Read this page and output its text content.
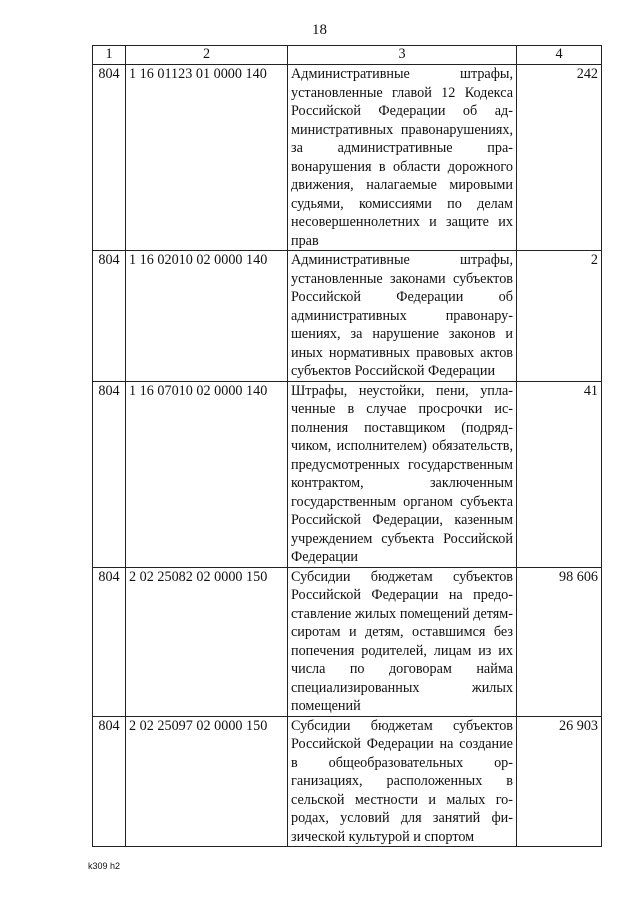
18
1	2	3	4
804	1 16 01123 01 0000 140	Административные штрафы, установленные главой 12 Кодекса Российской Федерации об административных правонарушениях, за административные правонарушения в области дорожного движения, налагаемые мировыми судьями, комиссиями по делам несовершеннолетних и защите их прав	242
804	1 16 02010 02 0000 140	Административные штрафы, установленные законами субъектов Российской Федерации об административных правонарушениях, за нарушение законов и иных нормативных правовых актов субъектов Российской Федерации	2
804	1 16 07010 02 0000 140	Штрафы, неустойки, пени, уплаченные в случае просрочки исполнения поставщиком (подрядчиком, исполнителем) обязательств, предусмотренных государственным контрактом, заключенным государственным органом субъекта Российской Федерации, казенным учреждением субъекта Российской Федерации	41
804	2 02 25082 02 0000 150	Субсидии бюджетам субъектов Российской Федерации на предоставление жилых помещений детям-сиротам и детям, оставшимся без попечения родителей, лицам из их числа по договорам найма специализированных жилых помещений	98 606
804	2 02 25097 02 0000 150	Субсидии бюджетам субъектов Российской Федерации на создание в общеобразовательных организациях, расположенных в сельской местности и малых городах, условий для занятий физической культурой и спортом	26 903
k309 h2
